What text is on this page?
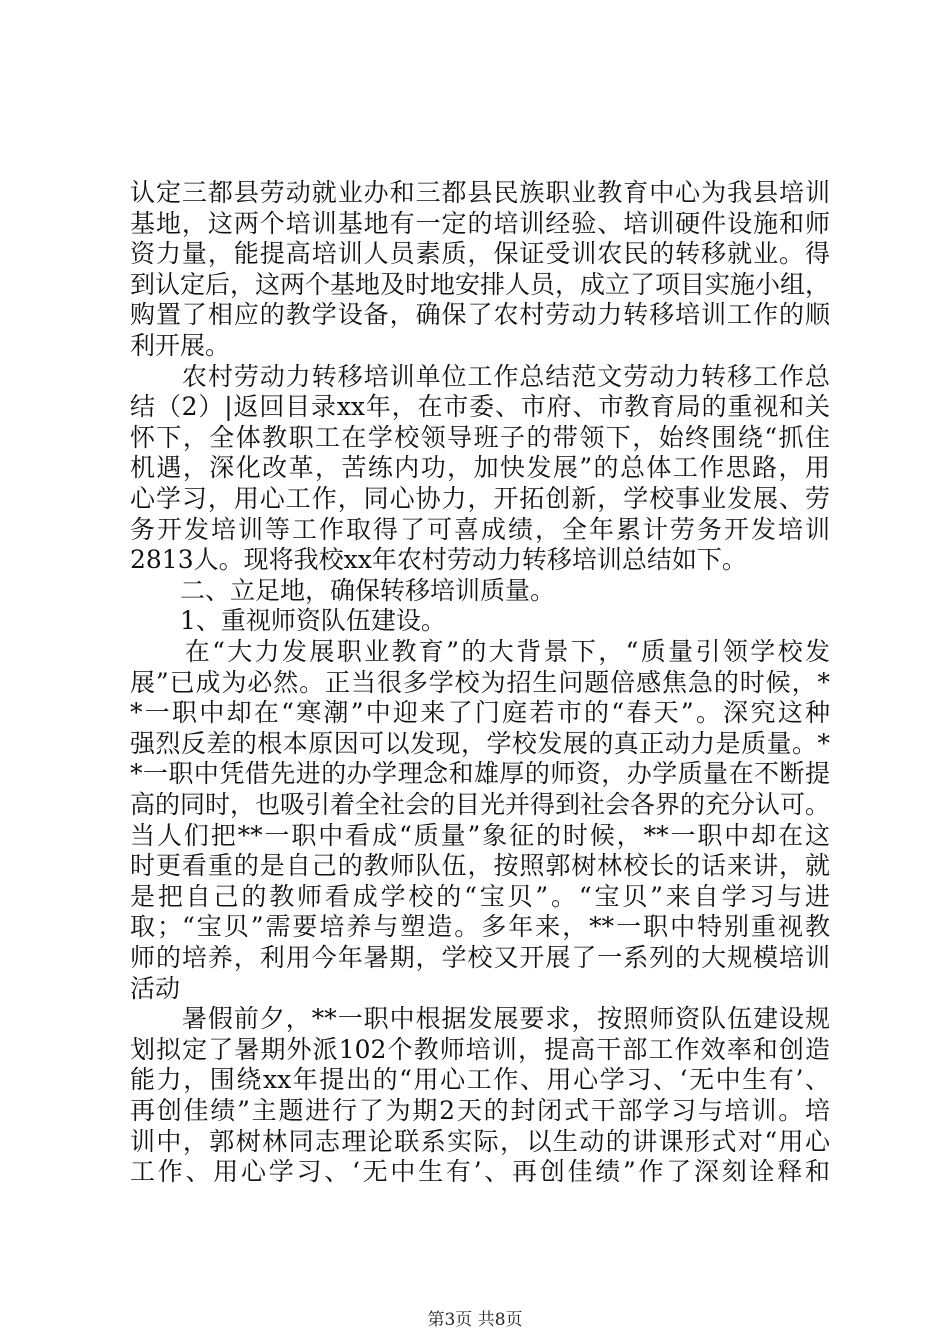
认定三都县劳动就业办和三都县民族职业教育中心为我县培训
基地，这两个培训基地有一定的培训经验、培训硬件设施和师
资力量，能提高培训人员素质，保证受训农民的转移就业。得
到认定后，这两个基地及时地安排人员，成立了项目实施小组，
购置了相应的教学设备，确保了农村劳动力转移培训工作的顺
利开展。
　　农村劳动力转移培训单位工作总结范文劳动力转移工作总
结（2）|返回目录xx年，在市委、市府、市教育局的重视和关
怀下，全体教职工在学校领导班子的带领下，始终围绕“抓住
机遇，深化改革，苦练内功，加快发展”的总体工作思路，用
心学习，用心工作，同心协力，开拓创新，学校事业发展、劳
务开发培训等工作取得了可喜成绩，全年累计劳务开发培训
2813人。现将我校xx年农村劳动力转移培训总结如下。
　　二、立足地，确保转移培训质量。
　　1、重视师资队伍建设。
　　在“大力发展职业教育”的大背景下，“质量引领学校发
展”已成为必然。正当很多学校为招生问题倍感焦急的时候，*
*一职中却在“寒潮”中迎来了门庭若市的“春天”。深究这种
强烈反差的根本原因可以发现，学校发展的真正动力是质量。*
*一职中凭借先进的办学理念和雄厚的师资，办学质量在不断提
高的同时，也吸引着全社会的目光并得到社会各界的充分认可。
当人们把**一职中看成“质量”象征的时候，**一职中却在这
时更看重的是自己的教师队伍，按照郭树林校长的话来讲，就
是把自己的教师看成学校的“宝贝”。“宝贝”来自学习与进
取；“宝贝”需要培养与塑造。多年来，**一职中特别重视教
师的培养，利用今年暑期，学校又开展了一系列的大规模培训
活动
　　暑假前夕，**一职中根据发展要求，按照师资队伍建设规
划拟定了暑期外派102个教师培训，提高干部工作效率和创造
能力，围绕xx年提出的“用心工作、用心学习、‘无中生有’、
再创佳绩”主题进行了为期2天的封闭式干部学习与培训。培
训中，郭树林同志理论联系实际，以生动的讲课形式对“用心
工作、用心学习、‘无中生有’、再创佳绩”作了深刻诠释和
第3页 共8页
